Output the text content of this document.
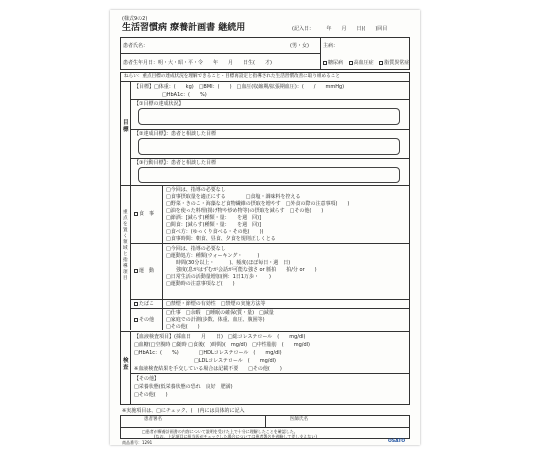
(様式9の2)
生活習慣病 療養計画書 継続用	(記入日：　　　年　　月　　日)(　　)回目
患者氏名：	(男・女)
患者生年月日：明・大・昭・平・令　　年　　月　　日生(　　才)
主病：
糖尿病 高血圧症 脂質異常症
ねらい：重点目標の達成状況を理解できること・目標再設定と指導された生活習慣改善に取り組めること
目標
【目標】□体重：(　　kg)　□BMI：(　　)　□血圧(収縮期/拡張期血圧)：(　　/　　mmHg)
□HbA1c：(　　%)
【①目標の達成状況】
【②達成目標】：患者と相談した目標
【③行動目標】：患者と相談した目標
重点を置く領域と指導項目
食　事
□今回は、指導の必要なし
□食事摂取量を適正にする　　　　□食塩・調味料を控える
□野菜・きのこ・海藻など食物繊維の摂取を増やす　□外食の際の注意事項(　　)
□油を使った料理(揚げ物や炒め物等)の摂取を減らす　□その他(　　)
□節酒：[減らす(種類・量：　　を週　回)]
□間食：[減らす(種類・量：　　を週　回)]
□食べ方：(ゆっくり食べる・その他(　　))
□食事時間：朝食、昼食、夕食を規則正しくとる
運　動
□今回は、指導の必要なし
□運動処方：種類(ウォーキング・　　　)
時間(30分以上・　　　)、頻度(ほぼ毎日・週　日)
強度(息がはずむが会話が可能な強さ or 脈拍　　拍/分 or　　)
□日常生活の活動量増加(例：1日1万歩・　　)
□運動時の注意事項など(　　)
たばこ □禁煙・節煙の有効性　□禁煙の実施方法等
その他
□仕事　□余暇　□睡眠の確保(質・量)　□減量
□家庭での計測(歩数、体重、血圧、腹囲等)
□その他(　　)
検査
【血液検査項目】(採血日　　月　　日)　□総コレステロール　(　　mg/dl)
□血糖(□空腹時 □随時 □食後(　)時間)(　mg/dl)　□中性脂肪　(　　mg/dl)
□HbA1c：(　　%)　　　　□HDLコレステロール　(　　mg/dl)
　　　　　　　　　　　　□LDLコレステロール　(　　mg/dl)
※血液検査結果を手交している場合は記載不要　　□その他(　　)
【その他】
□栄養状態(低栄養状態の恐れ　良好　肥満)
□その他(　　)
※実施項目は、□にチェック、(　)内には具体的に記入
患者署名	医師氏名
□患者が療養計画書の内容について説明を受けた上で十分に理解したことを確認した。
(なお、上記項目に担当医がチェックした場合については患者署名を省略して差し支えない)
商品番号：1291	OSATO
